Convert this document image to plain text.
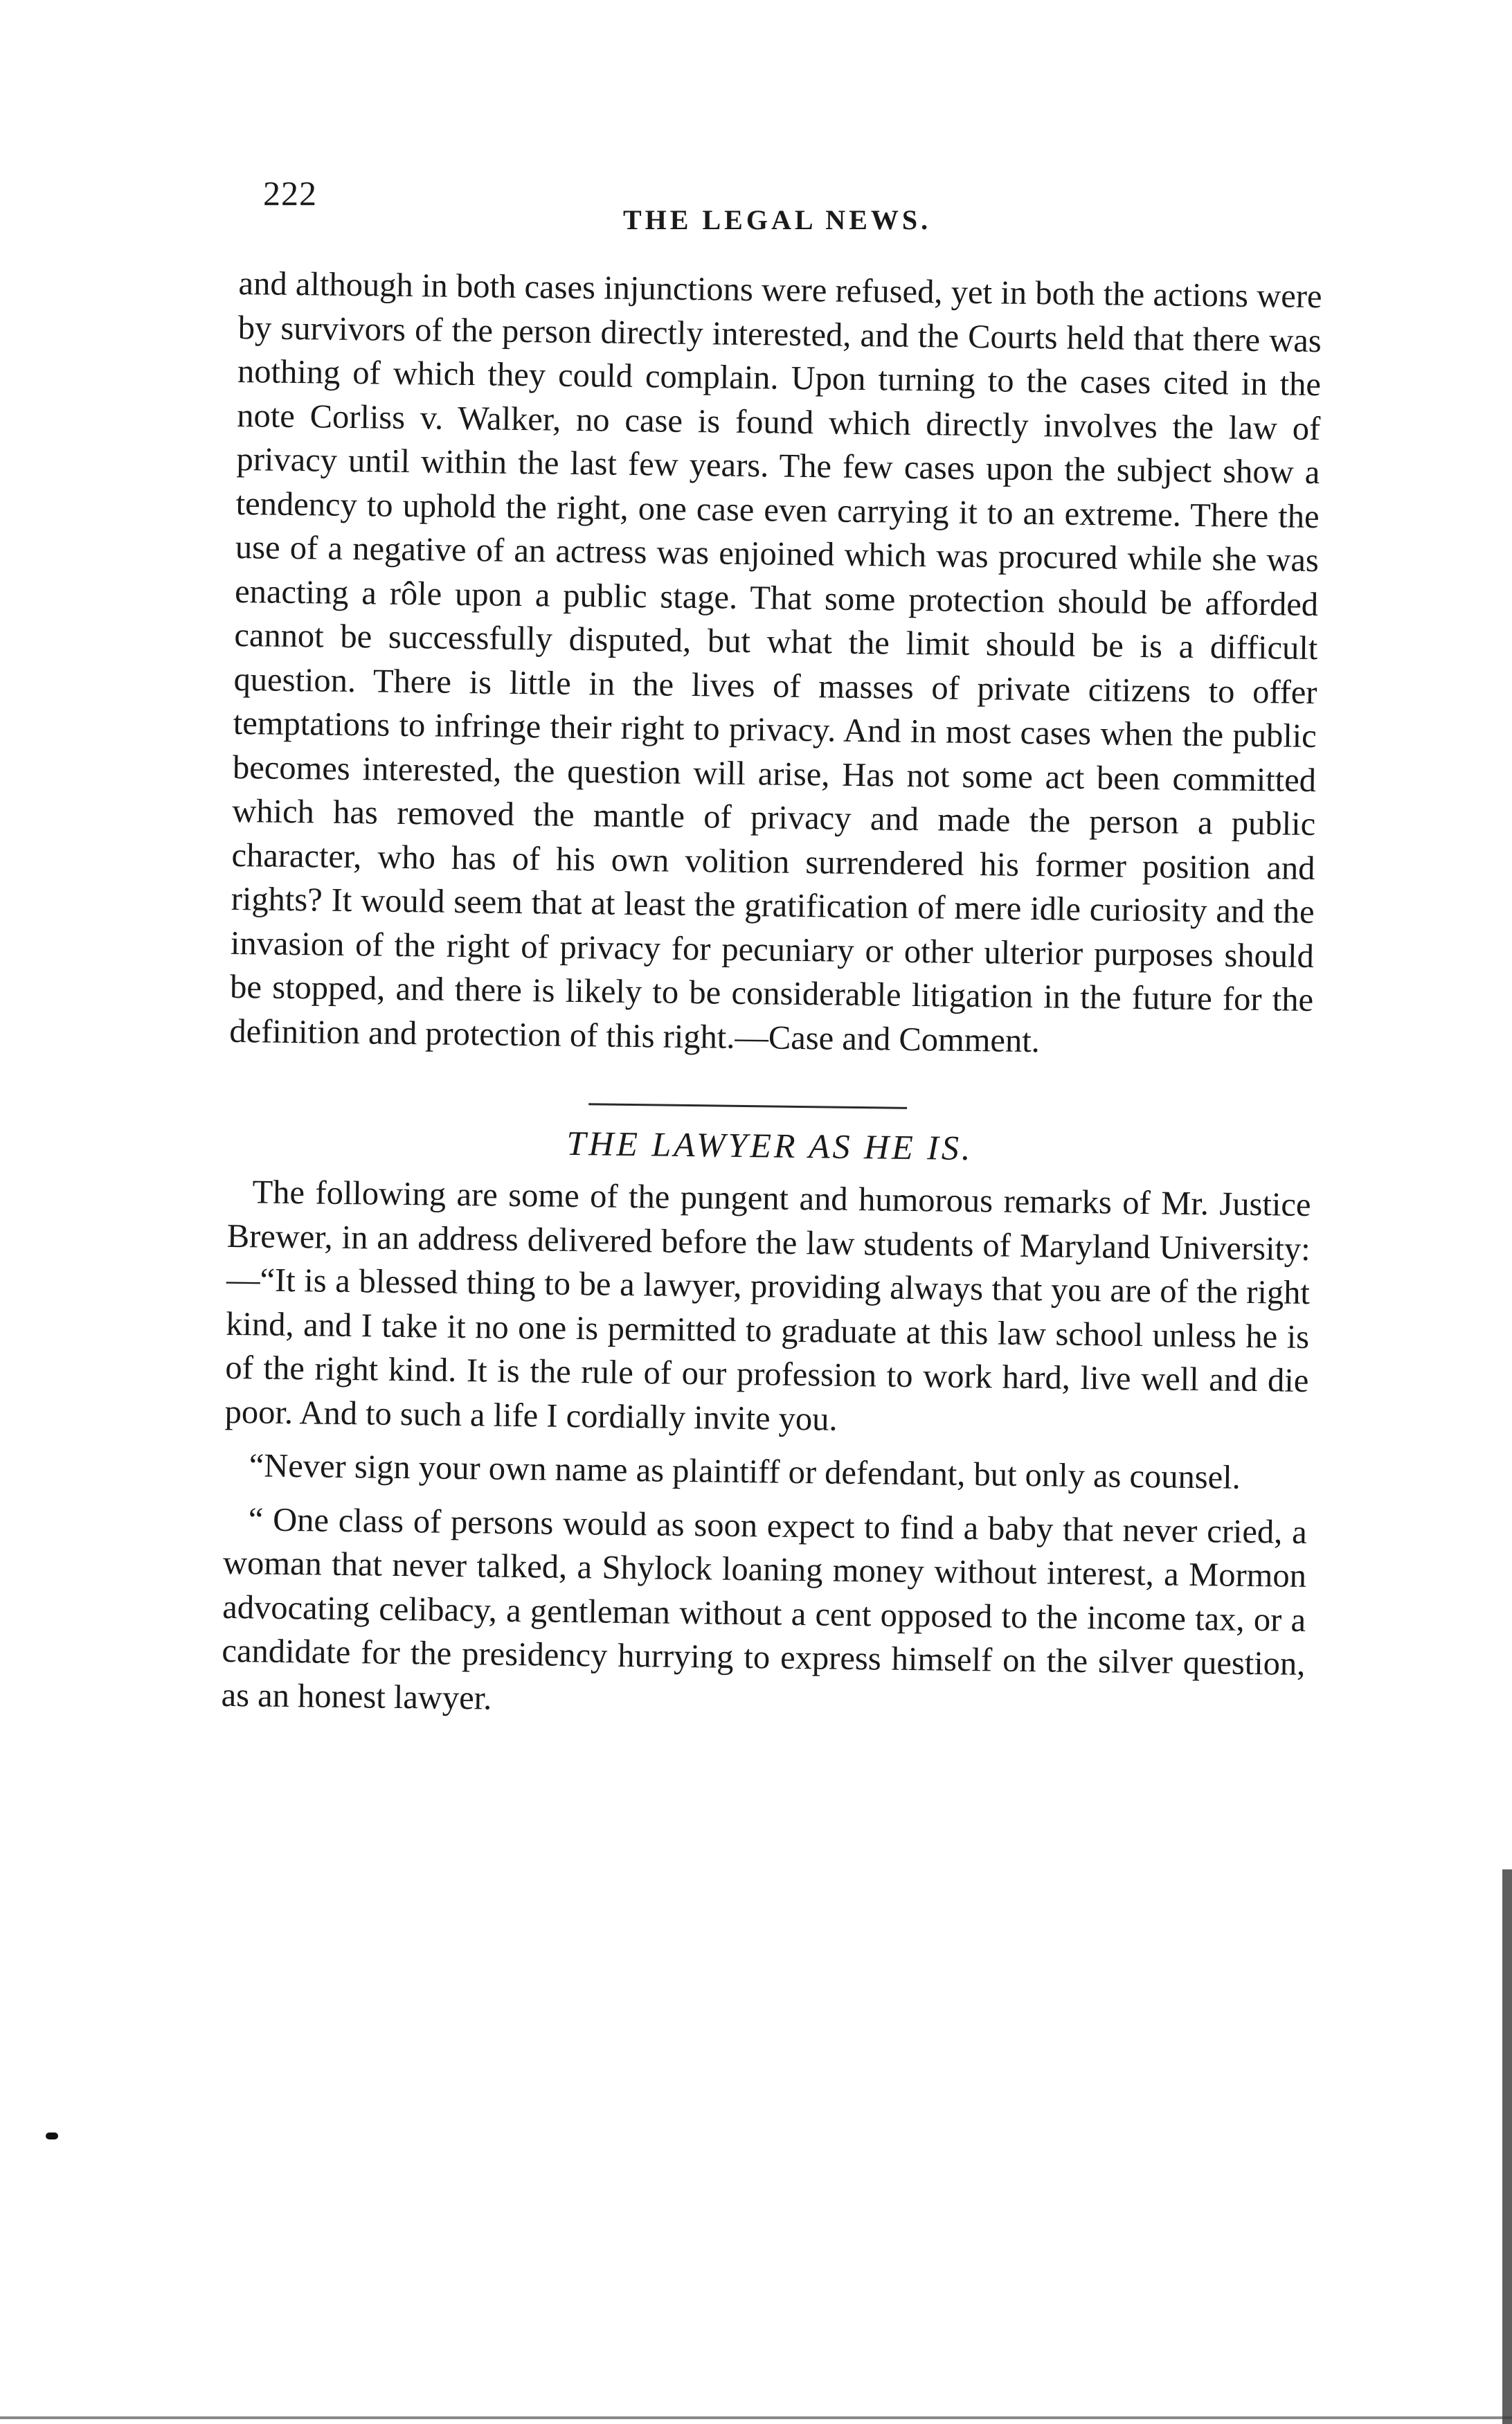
222
THE LEGAL NEWS.

and although in both cases injunctions were refused, yet in both the actions were by survivors of the person directly interested, and the Courts held that there was nothing of which they could complain. Upon turning to the cases cited in the note Corliss v. Walker, no case is found which directly involves the law of privacy until within the last few years. The few cases upon the subject show a tendency to uphold the right, one case even carrying it to an extreme. There the use of a negative of an actress was enjoined which was procured while she was enacting a rôle upon a public stage. That some protection should be afforded cannot be successfully disputed, but what the limit should be is a difficult question. There is little in the lives of masses of private citizens to offer temptations to infringe their right to privacy. And in most cases when the public becomes interested, the question will arise, Has not some act been committed which has removed the mantle of privacy and made the person a public character, who has of his own volition surrendered his former position and rights? It would seem that at least the gratification of mere idle curiosity and the invasion of the right of privacy for pecuniary or other ulterior purposes should be stopped, and there is likely to be considerable litigation in the future for the definition and protection of this right.—Case and Comment.

THE LAWYER AS HE IS.

The following are some of the pungent and humorous remarks of Mr. Justice Brewer, in an address delivered before the law students of Maryland University:—“It is a blessed thing to be a lawyer, providing always that you are of the right kind, and I take it no one is permitted to graduate at this law school unless he is of the right kind. It is the rule of our profession to work hard, live well and die poor. And to such a life I cordially invite you.

“Never sign your own name as plaintiff or defendant, but only as counsel.

“ One class of persons would as soon expect to find a baby that never cried, a woman that never talked, a Shylock loaning money without interest, a Mormon advocating celibacy, a gentleman without a cent opposed to the income tax, or a candidate for the presidency hurrying to express himself on the silver question, as an honest lawyer.
